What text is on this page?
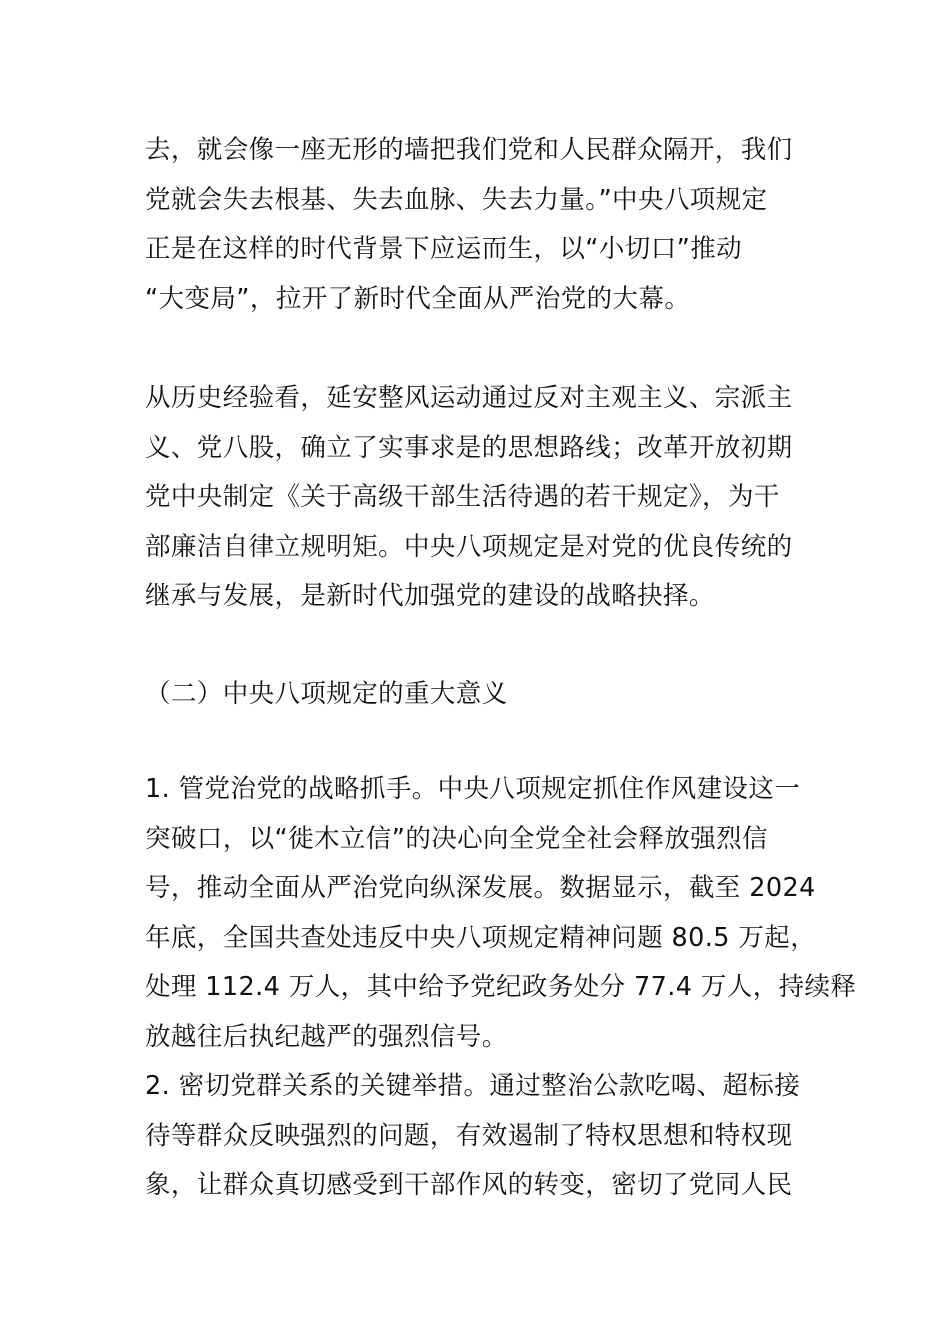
去，就会像一座无形的墙把我们党和人民群众隔开，我们
党就会失去根基、失去血脉、失去力量。”中央八项规定
正是在这样的时代背景下应运而生，以“小切口”推动
“大变局”，拉开了新时代全面从严治党的大幕。
从历史经验看，延安整风运动通过反对主观主义、宗派主
义、党八股，确立了实事求是的思想路线；改革开放初期
党中央制定《关于高级干部生活待遇的若干规定》，为干
部廉洁自律立规明矩。中央八项规定是对党的优良传统的
继承与发展，是新时代加强党的建设的战略抉择。
（二）中央八项规定的重大意义
1. 管党治党的战略抓手。中央八项规定抓住作风建设这一
突破口，以“徙木立信”的决心向全党全社会释放强烈信
号，推动全面从严治党向纵深发展。数据显示，截至 2024
年底，全国共查处违反中央八项规定精神问题 80.5 万起，
处理 112.4 万人，其中给予党纪政务处分 77.4 万人，持续释
放越往后执纪越严的强烈信号。
2. 密切党群关系的关键举措。通过整治公款吃喝、超标接
待等群众反映强烈的问题，有效遏制了特权思想和特权现
象，让群众真切感受到干部作风的转变，密切了党同人民
